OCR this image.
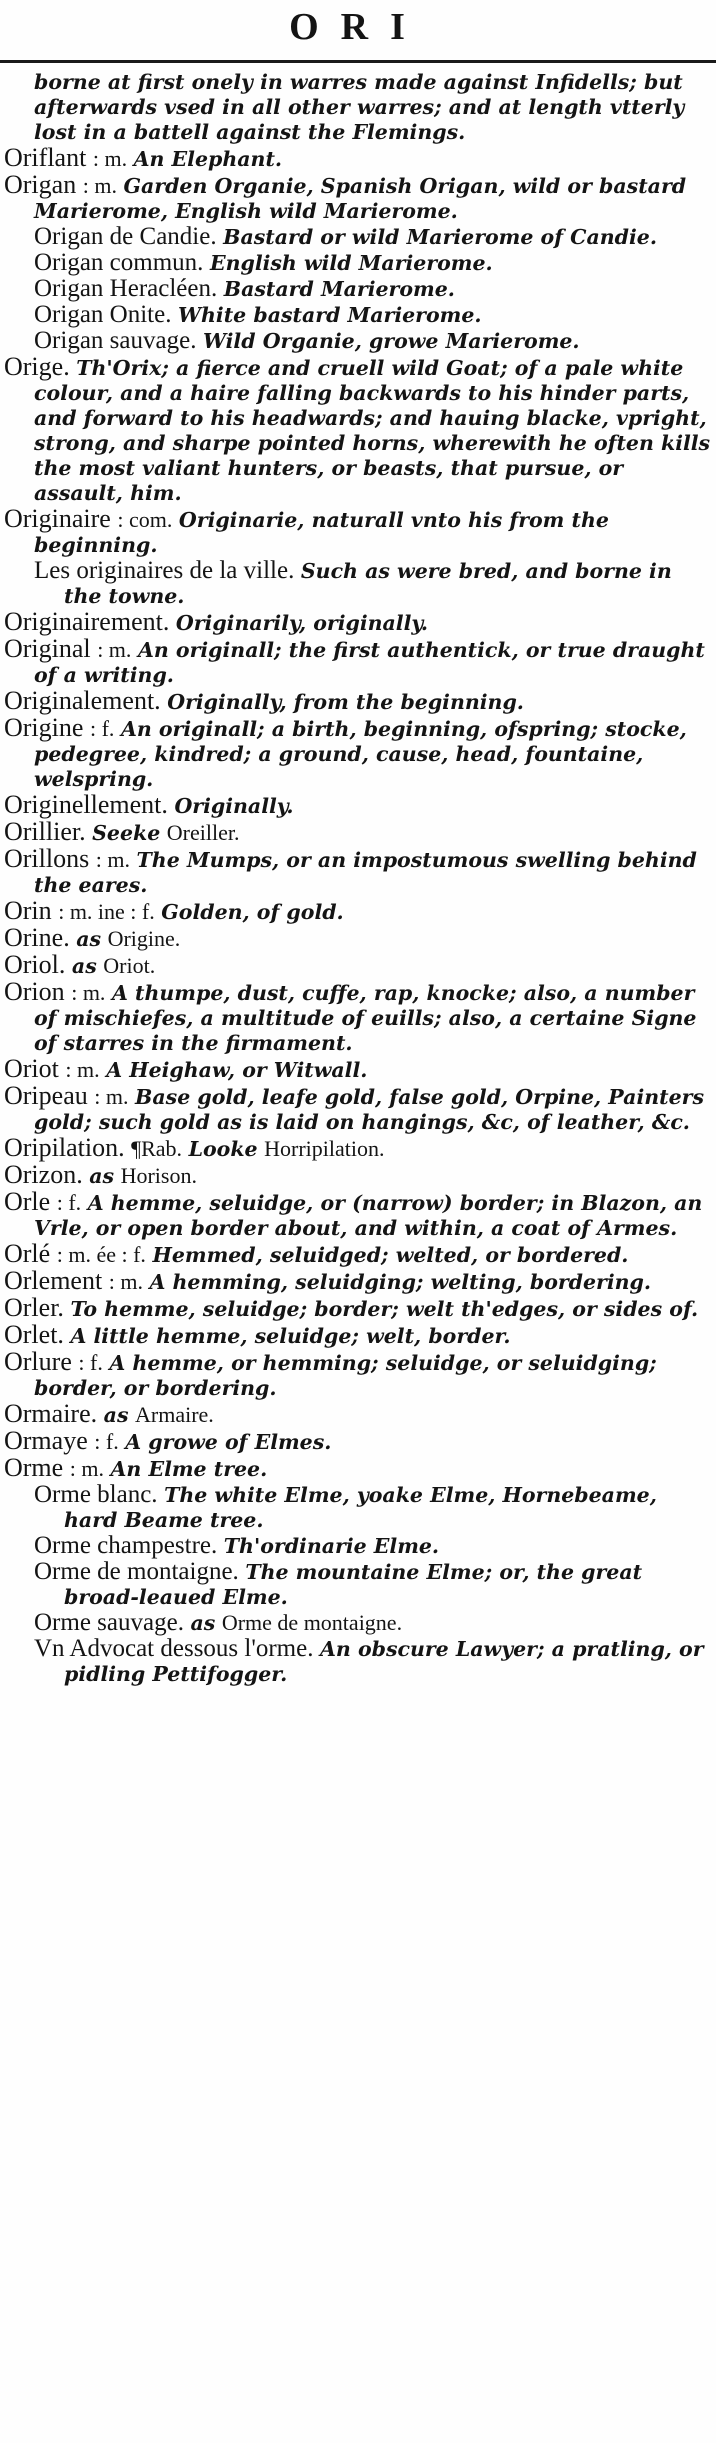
ORI

borne at first onely in warres made against Infidells; but afterwards vsed in all other warres; and at length vtterly lost in a battell against the Flemings.

Oriflant : m. An Elephant.

Origan : m. Garden Organie, Spanish Origan, wild or bastard Marierome, English wild Marierome.

Origan de Candie. Bastard or wild Marierome of Candie.

Origan commun. English wild Marierome.

Origan Heracléen. Bastard Marierome.

Origan Onite. White bastard Marierome.

Origan sauvage. Wild Organie, growe Marierome.

Orige. Th'Orix; a fierce and cruell wild Goat; of a pale white colour, and a haire falling backwards to his hinder parts, and forward to his headwards; and hauing blacke, vpright, strong, and sharpe pointed horns, wherewith he often kills the most valiant hunters, or beasts, that pursue, or assault, him.

Originaire : com. Originarie, naturall vnto his from the beginning.

Les originaires de la ville. Such as were bred, and borne in the towne.

Originairement. Originarily, originally.

Original : m. An originall; the first authentick, or true draught of a writing.

Originalement. Originally, from the beginning.

Origine : f. An originall; a birth, beginning, ofspring; stocke, pedegree, kindred; a ground, cause, head, fountaine, welspring.

Originellement. Originally.

Orillier. Seeke Oreiller.

Orillons : m. The Mumps, or an impostumous swelling behind the eares.

Orin : m. ine : f. Golden, of gold.

Orine. as Origine.

Oriol. as Oriot.

Orion : m. A thumpe, dust, cuffe, rap, knocke; also, a number of mischiefes, a multitude of euills; also, a certaine Signe of starres in the firmament.

Oriot : m. A Heighaw, or Witwall.

Oripeau : m. Base gold, leafe gold, false gold, Orpine, Painters gold; such gold as is laid on hangings, &c, of leather, &c.

Oripilation. ¶Rab. Looke Horripilation.

Orizon. as Horison.

Orle : f. A hemme, seluidge, or (narrow) border; in Blazon, an Vrle, or open border about, and within, a coat of Armes.

Orlé : m. ée : f. Hemmed, seluidged; welted, or bordered.

Orlement : m. A hemming, seluidging; welting, bordering.

Orler. To hemme, seluidge; border; welt th'edges, or sides of.

Orlet. A little hemme, seluidge; welt, border.

Orlure : f. A hemme, or hemming; seluidge, or seluidging; border, or bordering.

Ormaire. as Armaire.

Ormaye : f. A growe of Elmes.

Orme : m. An Elme tree.

Orme blanc. The white Elme, yoake Elme, Hornebeame, hard Beame tree.

Orme champestre. Th'ordinarie Elme.

Orme de montaigne. The mountaine Elme; or, the great broad-leaued Elme.

Orme sauvage. as Orme de montaigne.

Vn Advocat dessous l'orme. An obscure Lawyer; a pratling, or pidling Pettifogger.
